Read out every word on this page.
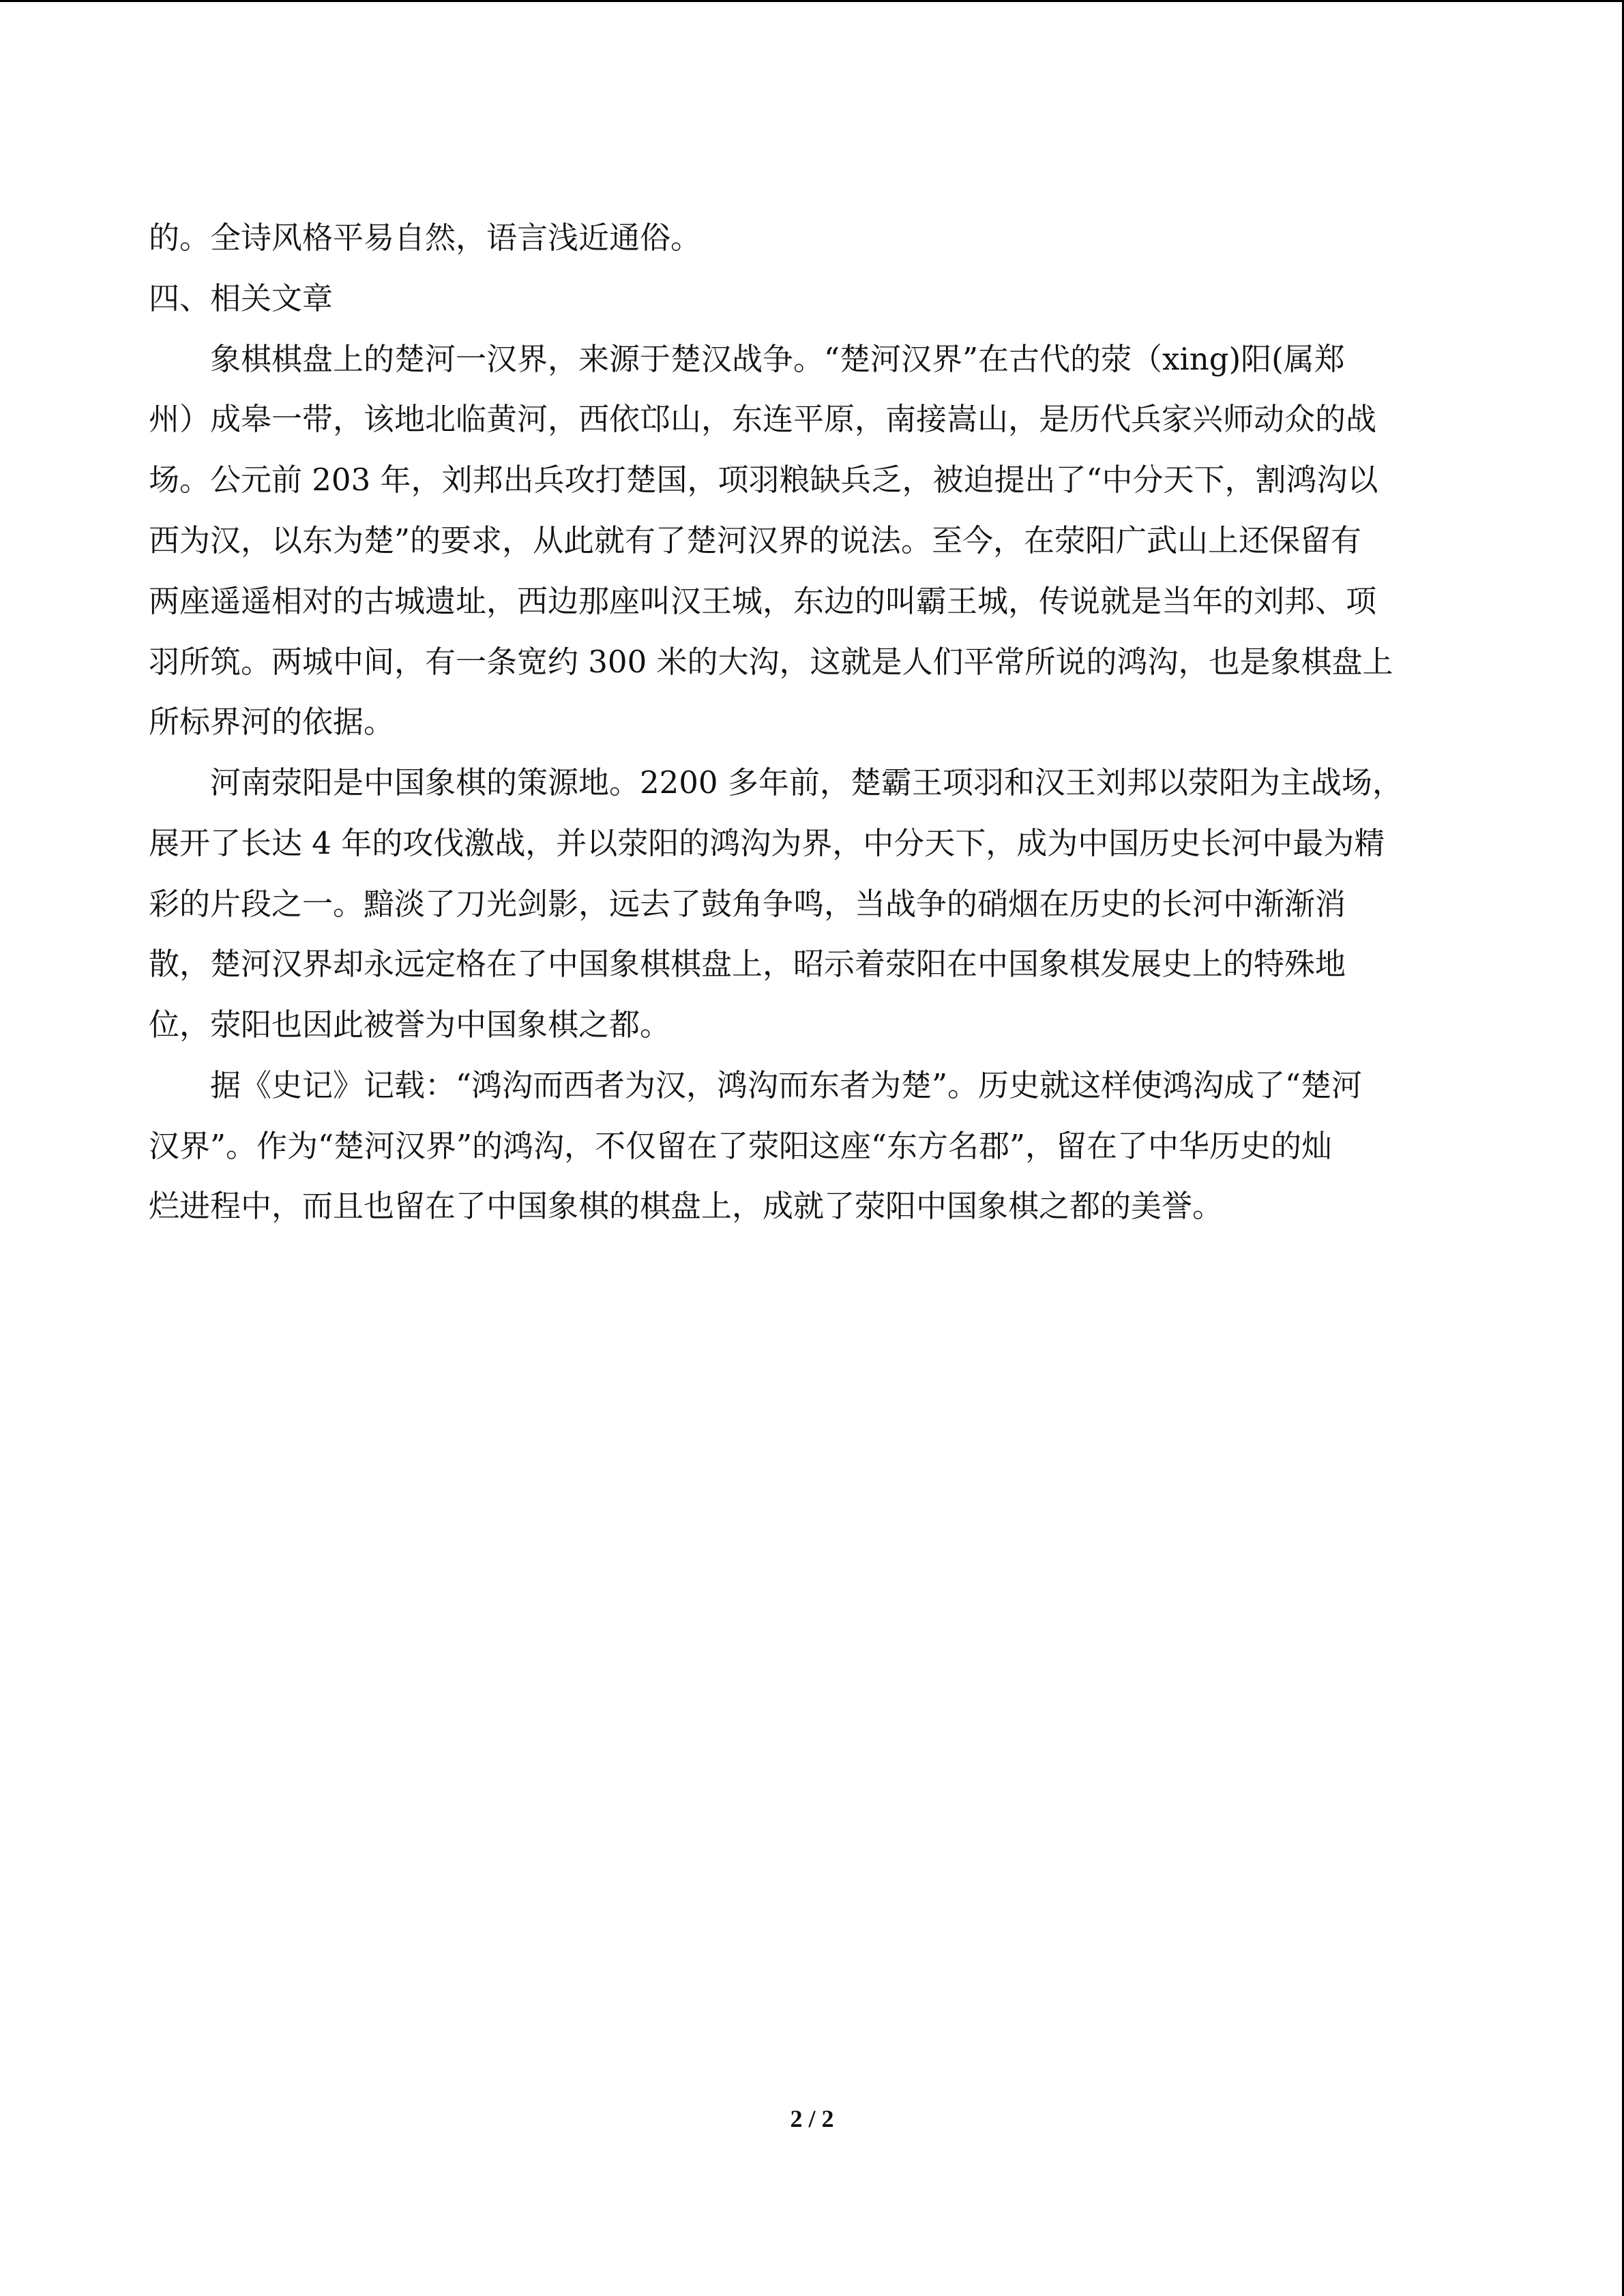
的。全诗风格平易自然，语言浅近通俗。
四、相关文章
象棋棋盘上的楚河一汉界，来源于楚汉战争。“楚河汉界”在古代的荥（xing)阳(属郑
州）成皋一带，该地北临黄河，西依邙山，东连平原，南接嵩山，是历代兵家兴师动众的战
场。公元前 203 年，刘邦出兵攻打楚国，项羽粮缺兵乏，被迫提出了“中分天下，割鸿沟以
西为汉，以东为楚”的要求，从此就有了楚河汉界的说法。至今，在荥阳广武山上还保留有
两座遥遥相对的古城遗址，西边那座叫汉王城，东边的叫霸王城，传说就是当年的刘邦、项
羽所筑。两城中间，有一条宽约 300 米的大沟，这就是人们平常所说的鸿沟，也是象棋盘上
所标界河的依据。
河南荥阳是中国象棋的策源地。2200 多年前，楚霸王项羽和汉王刘邦以荥阳为主战场，
展开了长达 4 年的攻伐激战，并以荥阳的鸿沟为界，中分天下，成为中国历史长河中最为精
彩的片段之一。黯淡了刀光剑影，远去了鼓角争鸣，当战争的硝烟在历史的长河中渐渐消
散，楚河汉界却永远定格在了中国象棋棋盘上，昭示着荥阳在中国象棋发展史上的特殊地
位，荥阳也因此被誉为中国象棋之都。
据《史记》记载：“鸿沟而西者为汉，鸿沟而东者为楚”。历史就这样使鸿沟成了“楚河
汉界”。作为“楚河汉界”的鸿沟，不仅留在了荥阳这座“东方名郡”，留在了中华历史的灿
烂进程中，而且也留在了中国象棋的棋盘上，成就了荥阳中国象棋之都的美誉。
2 / 2
